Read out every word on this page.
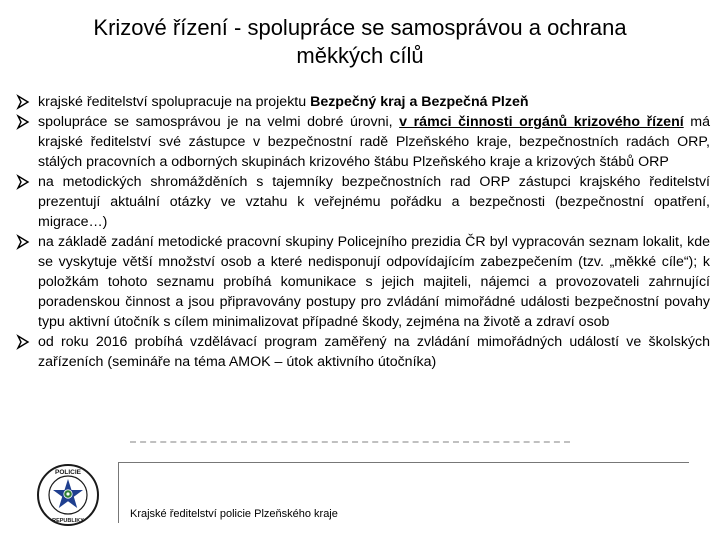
Krizové řízení - spolupráce se samosprávou a ochrana
měkkých cílů
krajské ředitelství spolupracuje na projektu Bezpečný kraj a Bezpečná Plzeň
spolupráce se samosprávou je na velmi dobré úrovni, v rámci činnosti orgánů krizového řízení má krajské ředitelství své zástupce v bezpečnostní radě Plzeňského kraje, bezpečnostních radách ORP, stálých pracovních a odborných skupinách krizového štábu Plzeňského kraje a krizových štábů ORP
na metodických shromážděních s tajemníky bezpečnostních rad ORP zástupci krajského ředitelství prezentují aktuální otázky ve vztahu k veřejnému pořádku a bezpečnosti (bezpečnostní opatření, migrace…)
na základě zadání metodické pracovní skupiny Policejního prezidia ČR byl vypracován seznam lokalit, kde se vyskytuje větší množství osob a které nedisponují odpovídajícím zabezpečením (tzv. „měkké cíle“); k položkám tohoto seznamu probíhá komunikace s jejich majiteli, nájemci a provozovateli zahrnující poradenskou činnost a jsou připravovány postupy pro zvládání mimořádné události bezpečnostní povahy typu aktivní útočník s cílem minimalizovat případné škody, zejména na životě a zdraví osob
od roku 2016 probíhá vzdělávací program zaměřený na zvládání mimořádných událostí ve školských zařízeních (semináře na téma AMOK – útok aktivního útočníka)
POLICIE
REPUBLIKY
Krajské ředitelství policie Plzeňského kraje
